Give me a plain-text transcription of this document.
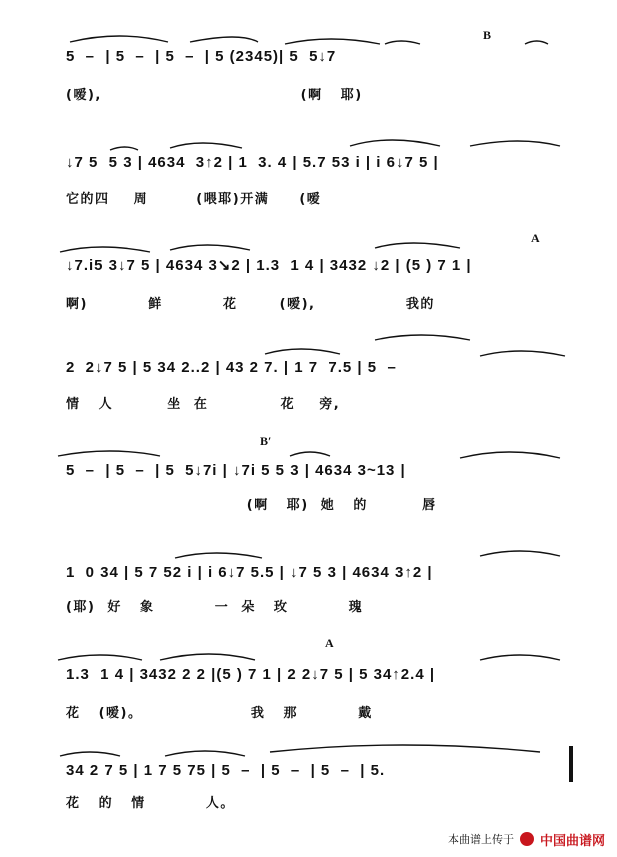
B
5  –  | 5  –  | 5  –  | 5 (2345)| 5  5↓7
(嗳),                                 (啊   耶)
↓7 5  5 3 | 4634  3↑2 | 1  3. 4 | 5.7 53 i | i 6↓7 5 |
它的四    周        (喂耶)开满     (嗳
A
↓7.i5 3↓7 5 | 4634 3↘2 | 1.3  1 4 | 3432 ↓2 | (5 ) 7 1 |
啊)          鲜          花       (嗳),               我的
2  2↓7 5 | 5 34 2..2 | 43 2 7. | 1 7  7.5 | 5  –
情   人         坐  在            花    旁,
B′
5  –  | 5  –  | 5  5↓7i | ↓7i 5 5 3 | 4634 3~13 |
(啊   耶)  她   的         唇
1  0 34 | 5 7 52 i | i 6↓7 5.5 | ↓7 5 3 | 4634 3↑2 |
(耶)  好   象          一  朵   玫          瑰
A
1.3  1 4 | 3432 2 2 |(5 ) 7 1 | 2 2↓7 5 | 5 34↑2.4 |
花   (嗳)。                  我   那          戴
34 2 7 5 | 1 7 5 75 | 5  –  | 5  –  | 5  –  | 5.
花   的   情          人。
本曲谱上传于 中国曲谱网
